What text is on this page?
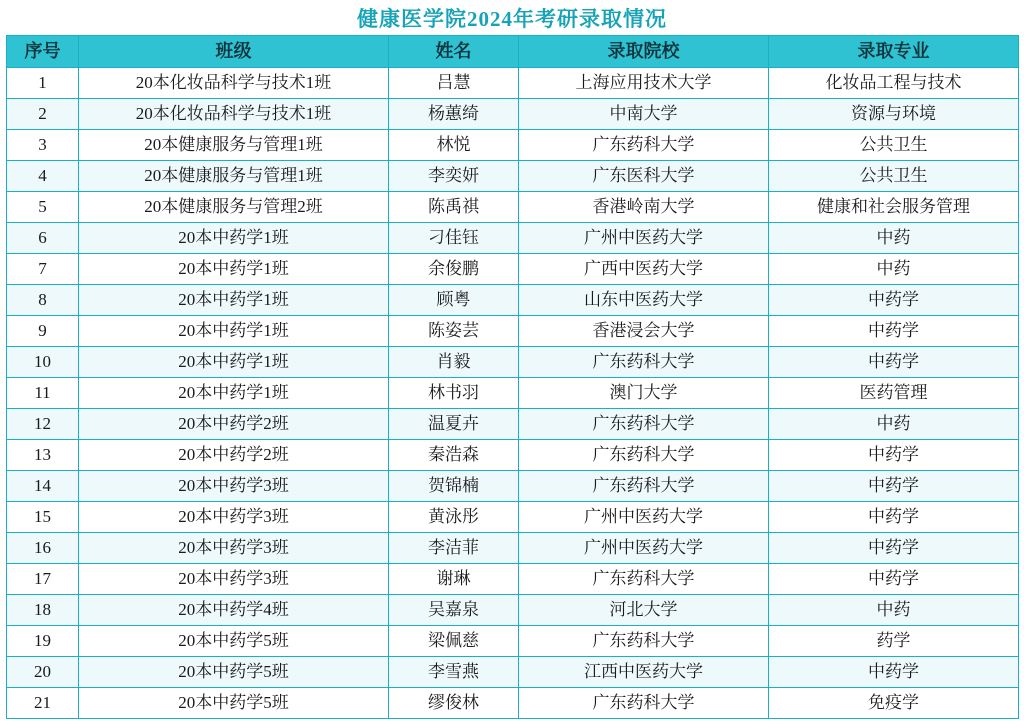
健康医学院2024年考研录取情况
序号	班级	姓名	录取院校	录取专业
1	20本化妆品科学与技术1班	吕慧	上海应用技术大学	化妆品工程与技术
2	20本化妆品科学与技术1班	杨蕙绮	中南大学	资源与环境
3	20本健康服务与管理1班	林悦	广东药科大学	公共卫生
4	20本健康服务与管理1班	李奕妍	广东医科大学	公共卫生
5	20本健康服务与管理2班	陈禹祺	香港岭南大学	健康和社会服务管理
6	20本中药学1班	刁佳钰	广州中医药大学	中药
7	20本中药学1班	余俊鹏	广西中医药大学	中药
8	20本中药学1班	顾粤	山东中医药大学	中药学
9	20本中药学1班	陈姿芸	香港浸会大学	中药学
10	20本中药学1班	肖毅	广东药科大学	中药学
11	20本中药学1班	林书羽	澳门大学	医药管理
12	20本中药学2班	温夏卉	广东药科大学	中药
13	20本中药学2班	秦浩森	广东药科大学	中药学
14	20本中药学3班	贺锦楠	广东药科大学	中药学
15	20本中药学3班	黄泳彤	广州中医药大学	中药学
16	20本中药学3班	李洁菲	广州中医药大学	中药学
17	20本中药学3班	谢琳	广东药科大学	中药学
18	20本中药学4班	吴嘉泉	河北大学	中药
19	20本中药学5班	梁佩慈	广东药科大学	药学
20	20本中药学5班	李雪燕	江西中医药大学	中药学
21	20本中药学5班	缪俊林	广东药科大学	免疫学
